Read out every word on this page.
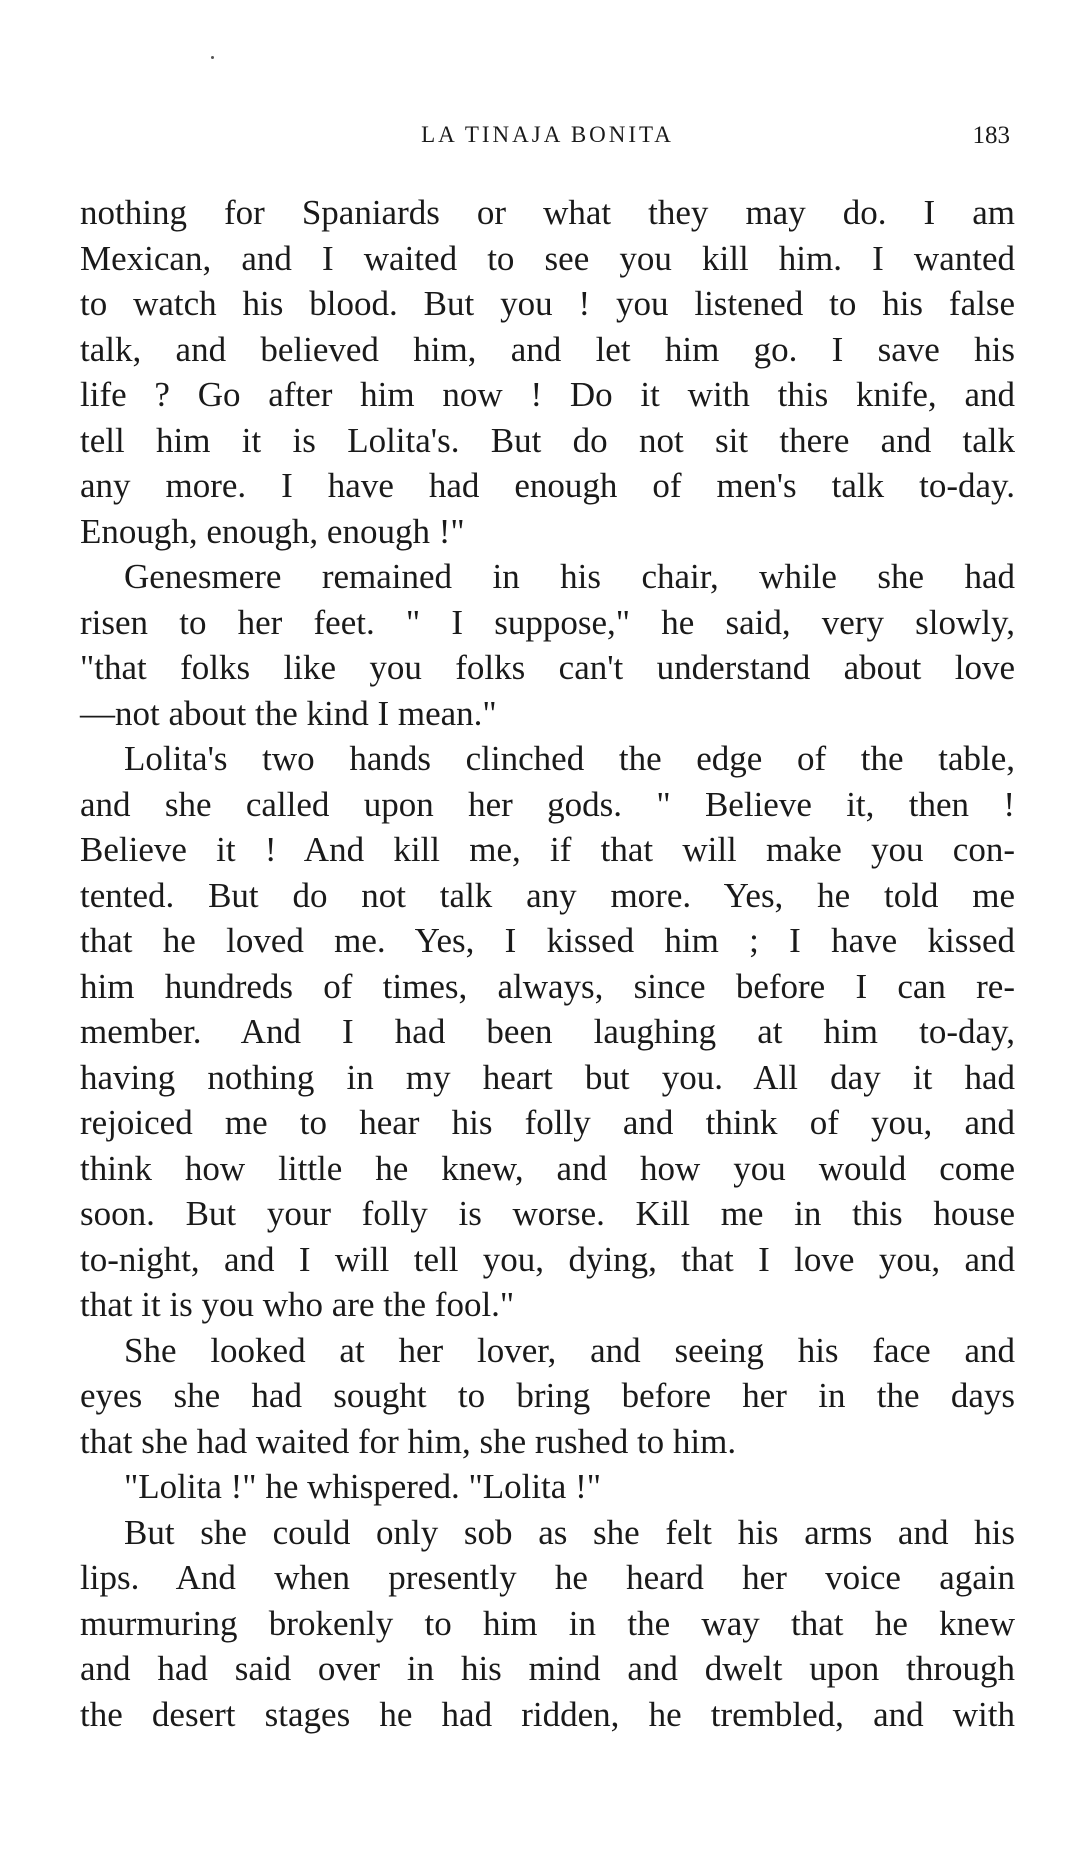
LA TINAJA BONITA	183
nothing for Spaniards or what they may do. I am
Mexican, and I waited to see you kill him. I wanted
to watch his blood. But you ! you listened to his false
talk, and believed him, and let him go. I save his
life ? Go after him now ! Do it with this knife, and
tell him it is Lolita's. But do not sit there and talk
any more. I have had enough of men's talk to-day.
Enough, enough, enough !"
Genesmere remained in his chair, while she had
risen to her feet. " I suppose," he said, very slowly,
"that folks like you folks can't understand about love
—not about the kind I mean."
Lolita's two hands clinched the edge of the table,
and she called upon her gods. " Believe it, then !
Believe it ! And kill me, if that will make you con-
tented. But do not talk any more. Yes, he told me
that he loved me. Yes, I kissed him ; I have kissed
him hundreds of times, always, since before I can re-
member. And I had been laughing at him to-day,
having nothing in my heart but you. All day it had
rejoiced me to hear his folly and think of you, and
think how little he knew, and how you would come
soon. But your folly is worse. Kill me in this house
to-night, and I will tell you, dying, that I love you, and
that it is you who are the fool."
She looked at her lover, and seeing his face and
eyes she had sought to bring before her in the days
that she had waited for him, she rushed to him.
"Lolita !" he whispered. "Lolita !"
But she could only sob as she felt his arms and his
lips. And when presently he heard her voice again
murmuring brokenly to him in the way that he knew
and had said over in his mind and dwelt upon through
the desert stages he had ridden, he trembled, and with
